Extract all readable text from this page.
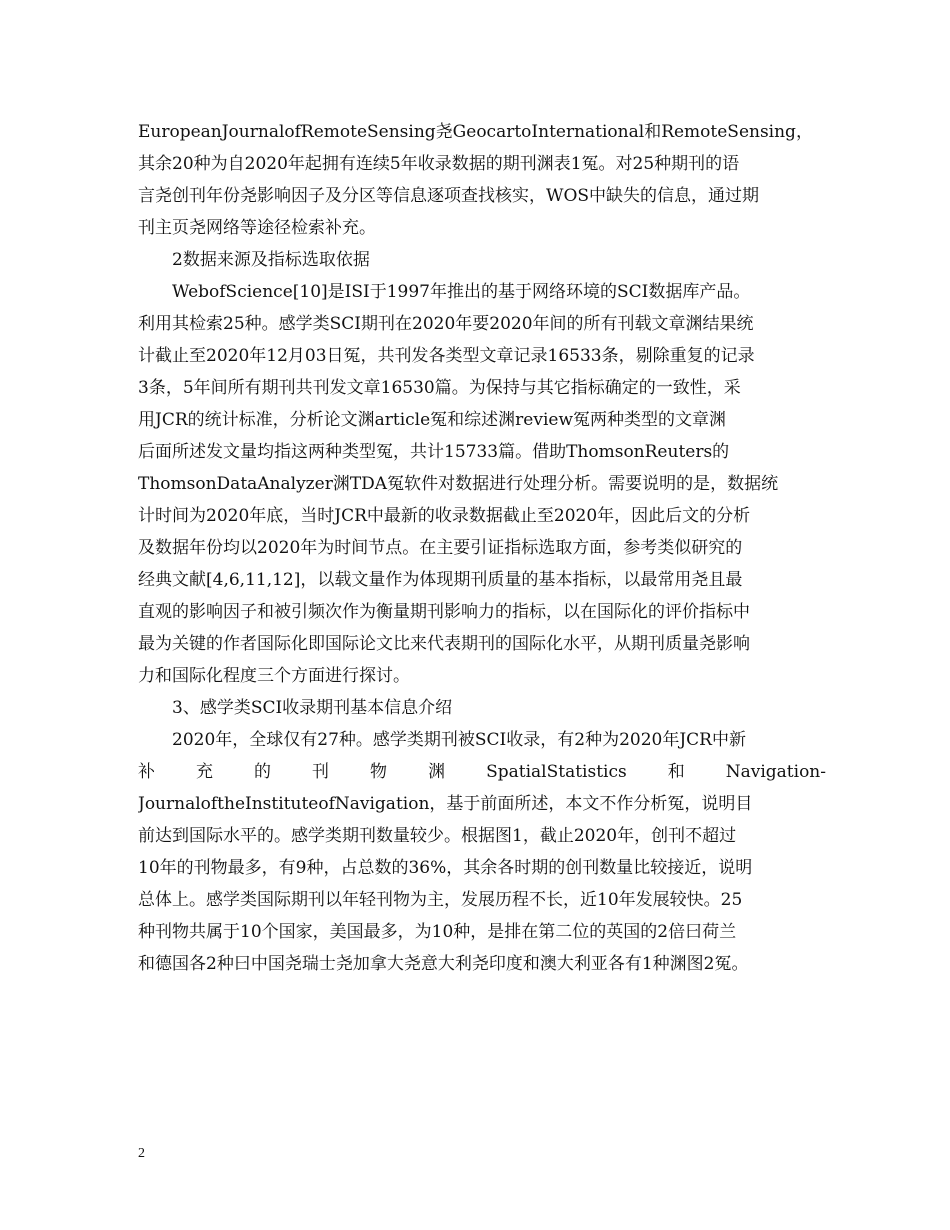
EuropeanJournalofRemoteSensing尧GeocartoInternational和RemoteSensing，
其余20种为自2020年起拥有连续5年收录数据的期刊渊表1冤。对25种期刊的语
言尧创刊年份尧影响因子及分区等信息逐项查找核实，WOS中缺失的信息，通过期
刊主页尧网络等途径检索补充。
2数据来源及指标选取依据
WebofScience[10]是ISI于1997年推出的基于网络环境的SCI数据库产品。
利用其检索25种。感学类SCI期刊在2020年要2020年间的所有刊载文章渊结果统
计截止至2020年12月03日冤，共刊发各类型文章记录16533条，剔除重复的记录
3条，5年间所有期刊共刊发文章16530篇。为保持与其它指标确定的一致性，采
用JCR的统计标准，分析论文渊article冤和综述渊review冤两种类型的文章渊
后面所述发文量均指这两种类型冤，共计15733篇。借助ThomsonReuters的
ThomsonDataAnalyzer渊TDA冤软件对数据进行处理分析。需要说明的是，数据统
计时间为2020年底，当时JCR中最新的收录数据截止至2020年，因此后文的分析
及数据年份均以2020年为时间节点。在主要引证指标选取方面，参考类似研究的
经典文献[4,6,11,12]，以载文量作为体现期刊质量的基本指标，以最常用尧且最
直观的影响因子和被引频次作为衡量期刊影响力的指标，以在国际化的评价指标中
最为关键的作者国际化即国际论文比来代表期刊的国际化水平，从期刊质量尧影响
力和国际化程度三个方面进行探讨。
3、感学类SCI收录期刊基本信息介绍
2020年，全球仅有27种。感学类期刊被SCI收录，有2种为2020年JCR中新
补充的刊物渊SpatialStatistics和Navigation-
JournaloftheInstituteofNavigation，基于前面所述，本文不作分析冤，说明目
前达到国际水平的。感学类期刊数量较少。根据图1，截止2020年，创刊不超过
10年的刊物最多，有9种，占总数的36%，其余各时期的创刊数量比较接近，说明
总体上。感学类国际期刊以年轻刊物为主，发展历程不长，近10年发展较快。25
种刊物共属于10个国家，美国最多，为10种，是排在第二位的英国的2倍曰荷兰
和德国各2种曰中国尧瑞士尧加拿大尧意大利尧印度和澳大利亚各有1种渊图2冤。
2
